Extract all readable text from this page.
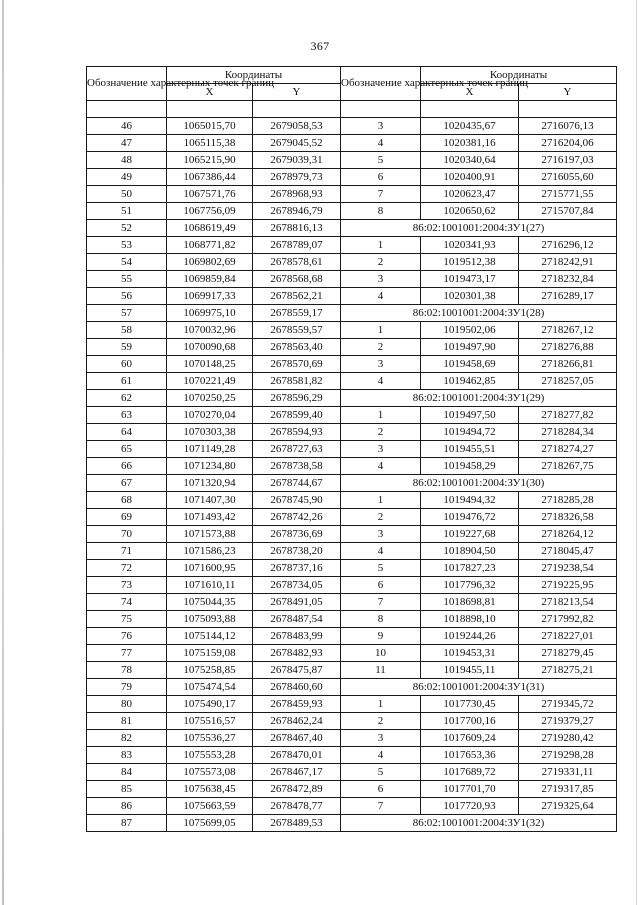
367
Обозначение характерных точек границ	Координаты		Обозначение характерных точек границ	Координаты	
	X	Y		X	Y

46	1065015,70	2679058,53	3	1020435,67	2716076,13
47	1065115,38	2679045,52	4	1020381,16	2716204,06
48	1065215,90	2679039,31	5	1020340,64	2716197,03
49	1067386,44	2678979,73	6	1020400,91	2716055,60
50	1067571,76	2678968,93	7	1020623,47	2715771,55
51	1067756,09	2678946,79	8	1020650,62	2715707,84
52	1068619,49	2678816,13	86:02:1001001:2004:ЗУ1(27)		
53	1068771,82	2678789,07	1	1020341,93	2716296,12
54	1069802,69	2678578,61	2	1019512,38	2718242,91
55	1069859,84	2678568,68	3	1019473,17	2718232,84
56	1069917,33	2678562,21	4	1020301,38	2716289,17
57	1069975,10	2678559,17	86:02:1001001:2004:ЗУ1(28)		
58	1070032,96	2678559,57	1	1019502,06	2718267,12
59	1070090,68	2678563,40	2	1019497,90	2718276,88
60	1070148,25	2678570,69	3	1019458,69	2718266,81
61	1070221,49	2678581,82	4	1019462,85	2718257,05
62	1070250,25	2678596,29	86:02:1001001:2004:ЗУ1(29)		
63	1070270,04	2678599,40	1	1019497,50	2718277,82
64	1070303,38	2678594,93	2	1019494,72	2718284,34
65	1071149,28	2678727,63	3	1019455,51	2718274,27
66	1071234,80	2678738,58	4	1019458,29	2718267,75
67	1071320,94	2678744,67	86:02:1001001:2004:ЗУ1(30)		
68	1071407,30	2678745,90	1	1019494,32	2718285,28
69	1071493,42	2678742,26	2	1019476,72	2718326,58
70	1071573,88	2678736,69	3	1019227,68	2718264,12
71	1071586,23	2678738,20	4	1018904,50	2718045,47
72	1071600,95	2678737,16	5	1017827,23	2719238,54
73	1071610,11	2678734,05	6	1017796,32	2719225,95
74	1075044,35	2678491,05	7	1018698,81	2718213,54
75	1075093,88	2678487,54	8	1018898,10	2717992,82
76	1075144,12	2678483,99	9	1019244,26	2718227,01
77	1075159,08	2678482,93	10	1019453,31	2718279,45
78	1075258,85	2678475,87	11	1019455,11	2718275,21
79	1075474,54	2678460,60	86:02:1001001:2004:ЗУ1(31)		
80	1075490,17	2678459,93	1	1017730,45	2719345,72
81	1075516,57	2678462,24	2	1017700,16	2719379,27
82	1075536,27	2678467,40	3	1017609,24	2719280,42
83	1075553,28	2678470,01	4	1017653,36	2719298,28
84	1075573,08	2678467,17	5	1017689,72	2719331,11
85	1075638,45	2678472,89	6	1017701,70	2719317,85
86	1075663,59	2678478,77	7	1017720,93	2719325,64
87	1075699,05	2678489,53	86:02:1001001:2004:ЗУ1(32)		
